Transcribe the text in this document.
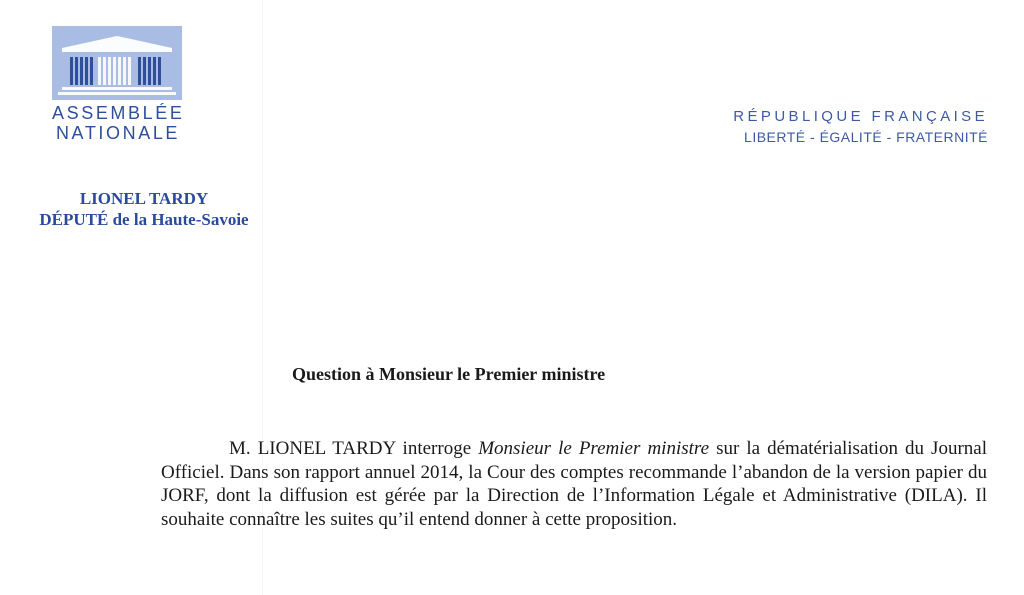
ASSEMBLÉE
NATIONALE
RÉPUBLIQUE FRANÇAISE
LIBERTÉ - ÉGALITÉ - FRATERNITÉ
LIONEL TARDY
DÉPUTÉ de la Haute-Savoie
Question à Monsieur le Premier ministre
M. LIONEL TARDY interroge Monsieur le Premier ministre sur la dématérialisation du Journal Officiel. Dans son rapport annuel 2014, la Cour des comptes recommande l’abandon de la version papier du JORF, dont la diffusion est gérée par la Direction de l’Information Légale et Administrative (DILA). Il souhaite connaître les suites qu’il entend donner à cette proposition.
